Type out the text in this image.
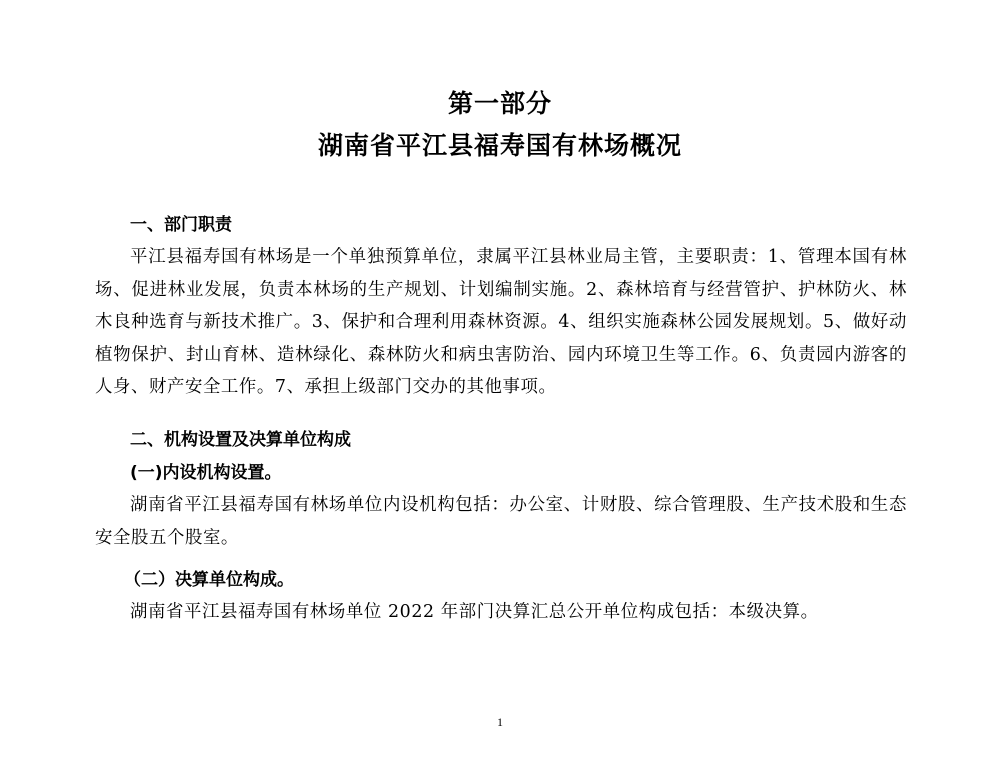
第一部分
湖南省平江县福寿国有林场概况
一、部门职责
平江县福寿国有林场是一个单独预算单位，隶属平江县林业局主管，主要职责：1、管理本国有林场、促进林业发展，负责本林场的生产规划、计划编制实施。2、森林培育与经营管护、护林防火、林木良种选育与新技术推广。3、保护和合理利用森林资源。4、组织实施森林公园发展规划。5、做好动植物保护、封山育林、造林绿化、森林防火和病虫害防治、园内环境卫生等工作。6、负责园内游客的人身、财产安全工作。7、承担上级部门交办的其他事项。
二、机构设置及决算单位构成
(一)内设机构设置。
湖南省平江县福寿国有林场单位内设机构包括：办公室、计财股、综合管理股、生产技术股和生态安全股五个股室。
（二）决算单位构成。
湖南省平江县福寿国有林场单位 2022 年部门决算汇总公开单位构成包括：本级决算。
1
